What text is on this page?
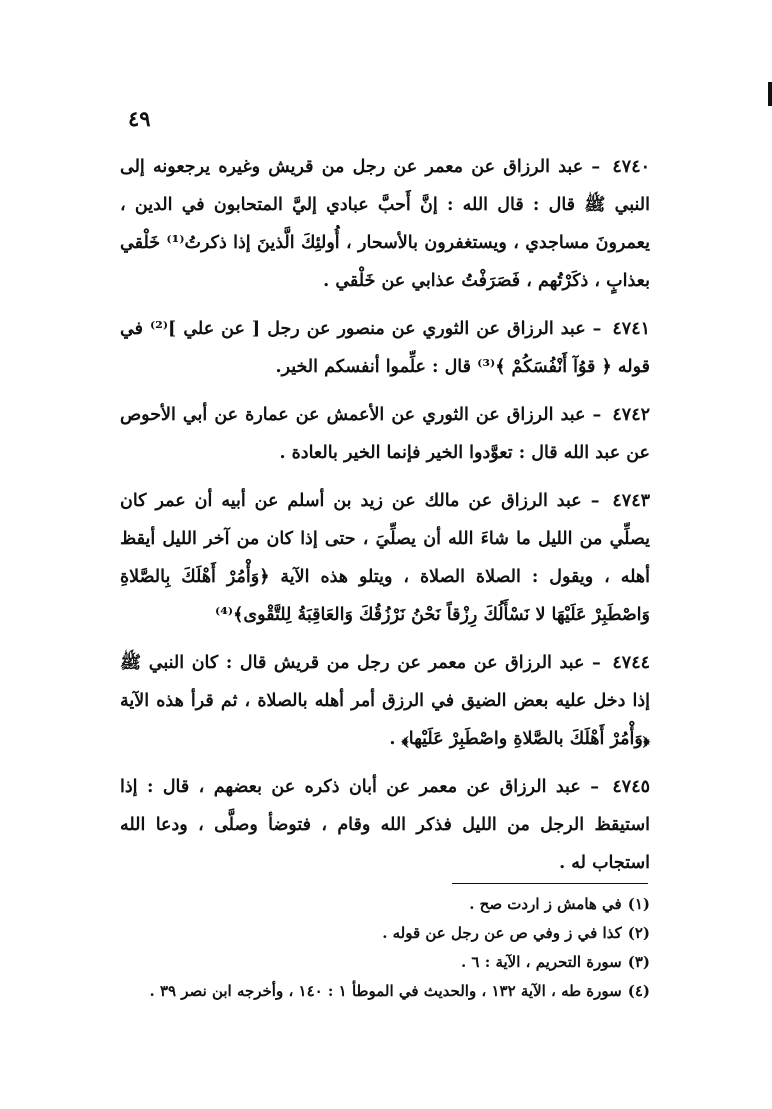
٤٩

٤٧٤٠ – عبد الرزاق عن معمر عن رجل من قريش وغيره يرجعونه إلى النبي ﷺ قال : قال الله : إنَّ أَحبَّ عبادي إليَّ المتحابون في الدين ، يعمرونَ مساجدي ، ويستغفرون بالأسحار ، أُولئِكَ الَّذينَ إذا ذكرتُ⁽¹⁾ خَلْقي بعذابٍ ، ذكَرْتُهم ، فَصَرَفْتُ عذابي عن خَلْقي .

٤٧٤١ – عبد الرزاق عن الثوري عن منصور عن رجل [ عن علي ]⁽²⁾ في قوله ﴿ قوُآ أَنْفُسَكُمْ ﴾⁽³⁾ قال : علِّموا أنفسكم الخير.

٤٧٤٢ – عبد الرزاق عن الثوري عن الأعمش عن عمارة عن أبي الأحوص عن عبد الله قال : تعوَّدوا الخير فإنما الخير بالعادة .

٤٧٤٣ – عبد الرزاق عن مالك عن زيد بن أسلم عن أبيه أن عمر كان يصلِّي من الليل ما شاءَ الله أن يصلِّيَ ، حتى إذا كان من آخر الليل أيقظ أهله ، ويقول : الصلاة الصلاة ، ويتلو هذه الآية ﴿وَأْمُرْ أَهْلَكَ بِالصَّلاةِ وَاصْطَبِرْ عَلَيْهَا لا نَسْأَلُكَ رِزْقاً نَحْنُ نَرْزُقُكَ وَالعَاقِبَةُ لِلتَّقْوى﴾⁽⁴⁾

٤٧٤٤ – عبد الرزاق عن معمر عن رجل من قريش قال : كان النبي ﷺ إذا دخل عليه بعض الضيق في الرزق أمر أهله بالصلاة ، ثم قرأ هذه الآية ﴿وَأْمُرْ أَهْلَكَ بالصَّلاةِ واصْطَبِرْ عَلَيْها﴾ .

٤٧٤٥ – عبد الرزاق عن معمر عن أبان ذكره عن بعضهم ، قال : إذا استيقظ الرجل من الليل فذكر الله وقام ، فتوضأ وصلَّى ، ودعا الله استجاب له .

(١)في هامش ز اردت صح .

(٢)كذا في ز وفي ص عن رجل عن قوله .

(٣)سورة التحريم ، الآية : ٦ .

(٤)سورة طه ، الآية ١٣٢ ، والحديث في الموطأ ١ : ١٤٠ ، وأخرجه ابن نصر ٣٩ .
